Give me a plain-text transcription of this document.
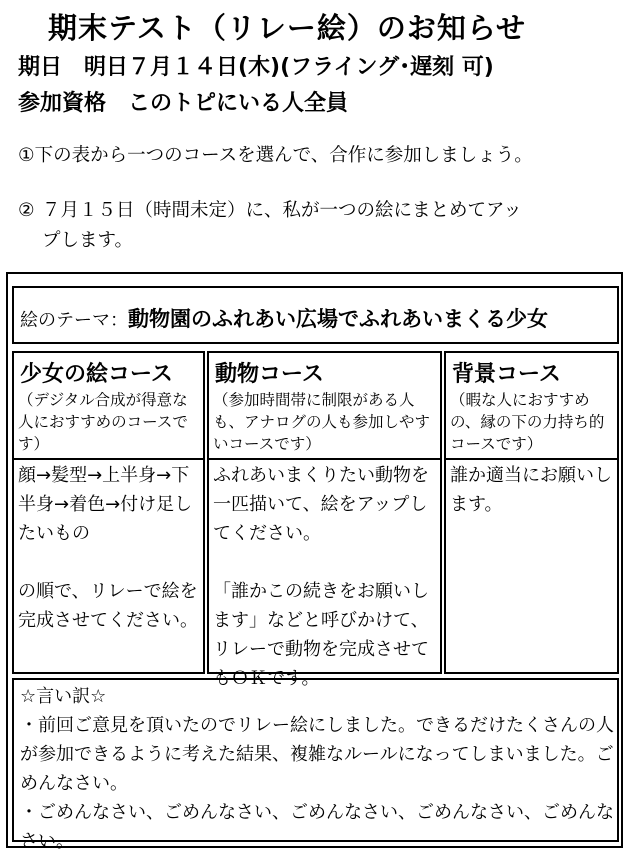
期末テスト（リレー絵）のお知らせ
期日　明日７月１４日(木)(フライング･遅刻 可)
参加資格　このトピにいる人全員
①下の表から一つのコースを選んで、合作に参加しましょう。
② ７月１５日（時間未定）に、私が一つの絵にまとめてアッ
プします。
絵のテーマ：動物園のふれあい広場でふれあいまくる少女
少女の絵コース
（デジタル合成が得意な人におすすめのコースです）
顔→髪型→上半身→下半身→着色→付け足したいもの
の順で、リレーで絵を完成させてください。
動物コース
（参加時間帯に制限がある人も、アナログの人も参加しやすいコースです）
ふれあいまくりたい動物を一匹描いて、絵をアップしてください。
「誰かこの続きをお願いします」などと呼びかけて、リレーで動物を完成させてもＯＫです。
背景コース
（暇な人におすすめの、縁の下の力持ち的コースです）
誰か適当にお願いします。
☆言い訳☆
・前回ご意見を頂いたのでリレー絵にしました。できるだけたくさんの人が参加できるように考えた結果、複雑なルールになってしまいました。ごめんなさい。
・ごめんなさい、ごめんなさい、ごめんなさい、ごめんなさい、ごめんなさい。
